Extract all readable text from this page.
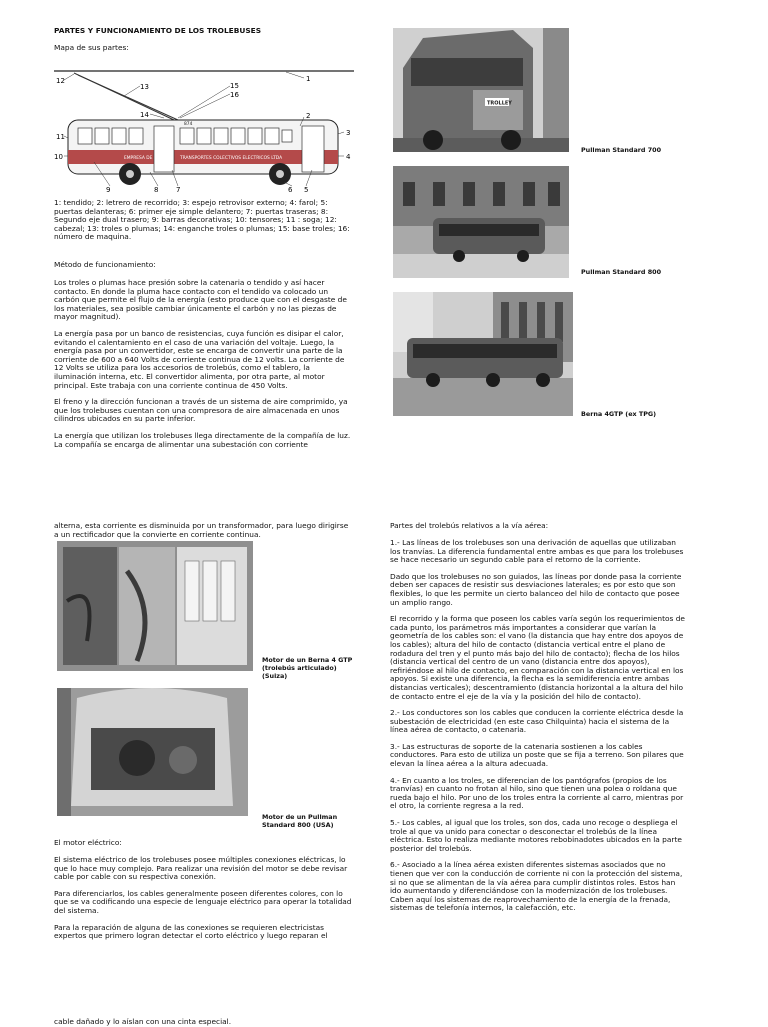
PARTES Y FUNCIONAMIENTO DE LOS TROLEBUSES

Mapa de sus partes:

1
2
3
4
5
6
7
8
9
10
11
12
13
14
15
16
EMPRESA DE	TRANSPORTES COLECTIVOS ELECTRICOS LTDA
874

1: tendido; 2: letrero de recorrido; 3: espejo retrovisor externo; 4: farol; 5: puertas delanteras; 6: primer eje simple delantero; 7: puertas traseras; 8: Segundo eje dual trasero; 9: barras decorativas; 10: tensores; 11 : soga; 12: cabezal; 13: troles o plumas; 14: enganche troles o plumas; 15: base troles; 16: número de maquina.

Método de funcionamiento:

Los troles o plumas hace presión sobre la catenaria o tendido y así hacer contacto. En donde la pluma hace contacto con el tendido va colocado un carbón que permite el flujo de la energía (esto produce que con el desgaste de los materiales, sea posible cambiar únicamente el carbón y no las piezas de mayor magnitud).

La energía pasa por un banco de resistencias, cuya función es disipar el calor, evitando el calentamiento en el caso de una variación del voltaje. Luego, la energía pasa por un convertidor, este se encarga de convertir una parte de la corriente de 600 a 640 Volts de corriente continua de 12 volts. La corriente de 12 Volts se utiliza para los accesorios de trolebús, como el tablero, la iluminación interna, etc. El convertidor alimenta, por otra parte, al motor principal. Este trabaja con una corriente continua de 450 Volts.

El freno y la dirección funcionan a través de un sistema de aire comprimido, ya que los trolebuses cuentan con una compresora de aire almacenada en unos cilindros ubicados en su parte inferior.

La energía que utilizan los trolebuses llega directamente de la compañía de luz. La compañía se encarga de alimentar una subestación con corriente

TROLLEY

Pullman Standard 700

Pullman Standard 800

Berna 4GTP (ex TPG)

alterna, esta corriente es disminuida por un transformador, para luego dirigirse a un rectificador que la convierte en corriente continua.

Motor de un Berna 4 GTP (trolebús articulado) (Suiza)

Motor de un Pullman Standard 800 (USA)

El motor eléctrico:

El sistema eléctrico de los trolebuses posee múltiples conexiones eléctricas, lo que lo hace muy complejo. Para realizar una revisión del motor se debe revisar cable por cable con su respectiva conexión.

Para diferenciarlos, los cables generalmente poseen diferentes colores, con lo que se va codificando una especie de lenguaje eléctrico para operar la totalidad del sistema.

Para la reparación de alguna de las conexiones se requieren electricistas expertos que primero logran detectar el corto eléctrico y luego reparan el

cable dañado y lo aíslan con una cinta especial.

Partes del trolebús relativos a la vía aérea:

1.- Las líneas de los trolebuses son una derivación de aquellas que utilizaban los tranvías. La diferencia fundamental entre ambas es que para los trolebuses se hace necesario un segundo cable para el retorno de la corriente.

Dado que los trolebuses no son guiados, las líneas por donde pasa la corriente deben ser capaces de resistir sus desviaciones laterales; es por esto que son flexibles, lo que les permite un cierto balanceo del hilo de contacto que posee un amplio rango.

El recorrido y la forma que poseen los cables varía según los requerimientos de cada punto, los parámetros más importantes a considerar que varían la geometría de los cables son: el vano (la distancia que hay entre dos apoyos de los cables); altura del hilo de contacto (distancia vertical entre el plano de rodadura del tren y el punto más bajo del hilo de contacto); flecha de los hilos (distancia vertical del centro de un vano (distancia entre dos apoyos), refiriéndose al hilo de contacto, en comparación con la distancia vertical en los apoyos. Si existe una diferencia, la flecha es la semidiferencia entre ambas distancias verticales); descentramiento (distancia horizontal a la altura del hilo de contacto entre el eje de la vía y la posición del hilo de contacto).

2.- Los conductores son los cables que conducen la corriente eléctrica desde la subestación de electricidad (en este caso Chilquinta) hacia el sistema de la línea aérea de contacto, o catenaria.

3.- Las estructuras de soporte de la catenaria sostienen a los cables conductores. Para esto de utiliza un poste que se fija a terreno. Son pilares que elevan la línea aérea a la altura adecuada.

4.- En cuanto a los troles, se diferencian de los pantógrafos (propios de los tranvías) en cuanto no frotan al hilo, sino que tienen una polea o roldana que rueda bajo el hilo. Por uno de los troles entra la corriente al carro, mientras por el otro, la corriente regresa a la red.

5.- Los cables, al igual que los troles, son dos, cada uno recoge o despliega el trole al que va unido para conectar o desconectar el trolebús de la línea eléctrica. Esto lo realiza mediante motores rebobinadotes ubicados en la parte posterior del trolebús.

6.- Asociado a la línea aérea existen diferentes sistemas asociados que no tienen que ver con la conducción de corriente ni con la protección del sistema, si no que se alimentan de la vía aérea para cumplir distintos roles. Estos han ido aumentando y diferenciándose con la modernización de los trolebuses. Caben aquí los sistemas de reaprovechamiento de la energía de la frenada, sistemas de telefonía internos, la calefacción, etc.
